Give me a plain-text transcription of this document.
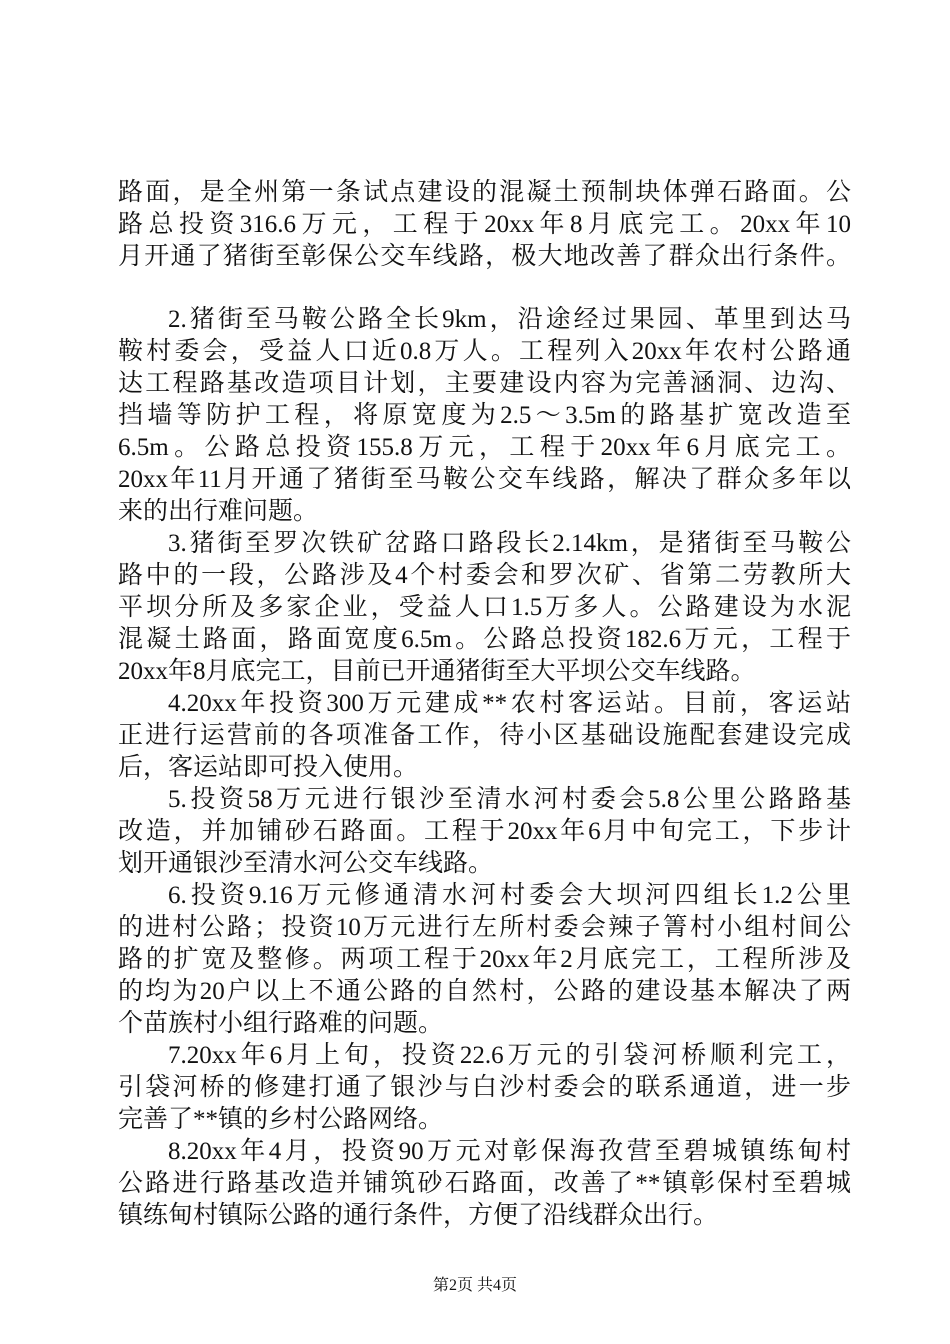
路面，是全州第一条试点建设的混凝土预制块体弹石路面。公
路总投资316.6万元，工程于20xx年8月底完工。20xx年10
月开通了猪街至彰保公交车线路，极大地改善了群众出行条件。
2.猪街至马鞍公路全长9km，沿途经过果园、革里到达马
鞍村委会，受益人口近0.8万人。工程列入20xx年农村公路通
达工程路基改造项目计划，主要建设内容为完善涵洞、边沟、
挡墙等防护工程，将原宽度为2.5～3.5m的路基扩宽改造至
6.5m。公路总投资155.8万元，工程于20xx年6月底完工。
20xx年11月开通了猪街至马鞍公交车线路，解决了群众多年以
来的出行难问题。
3.猪街至罗次铁矿岔路口路段长2.14km，是猪街至马鞍公
路中的一段，公路涉及4个村委会和罗次矿、省第二劳教所大
平坝分所及多家企业，受益人口1.5万多人。公路建设为水泥
混凝土路面，路面宽度6.5m。公路总投资182.6万元，工程于
20xx年8月底完工，目前已开通猪街至大平坝公交车线路。
4.20xx年投资300万元建成**农村客运站。目前，客运站
正进行运营前的各项准备工作，待小区基础设施配套建设完成
后，客运站即可投入使用。
5.投资58万元进行银沙至清水河村委会5.8公里公路路基
改造，并加铺砂石路面。工程于20xx年6月中旬完工，下步计
划开通银沙至清水河公交车线路。
6.投资9.16万元修通清水河村委会大坝河四组长1.2公里
的进村公路；投资10万元进行左所村委会辣子箐村小组村间公
路的扩宽及整修。两项工程于20xx年2月底完工，工程所涉及
的均为20户以上不通公路的自然村，公路的建设基本解决了两
个苗族村小组行路难的问题。
7.20xx年6月上旬，投资22.6万元的引袋河桥顺利完工，
引袋河桥的修建打通了银沙与白沙村委会的联系通道，进一步
完善了**镇的乡村公路网络。
8.20xx年4月，投资90万元对彰保海孜营至碧城镇练甸村
公路进行路基改造并铺筑砂石路面，改善了**镇彰保村至碧城
镇练甸村镇际公路的通行条件，方便了沿线群众出行。
第2页 共4页
